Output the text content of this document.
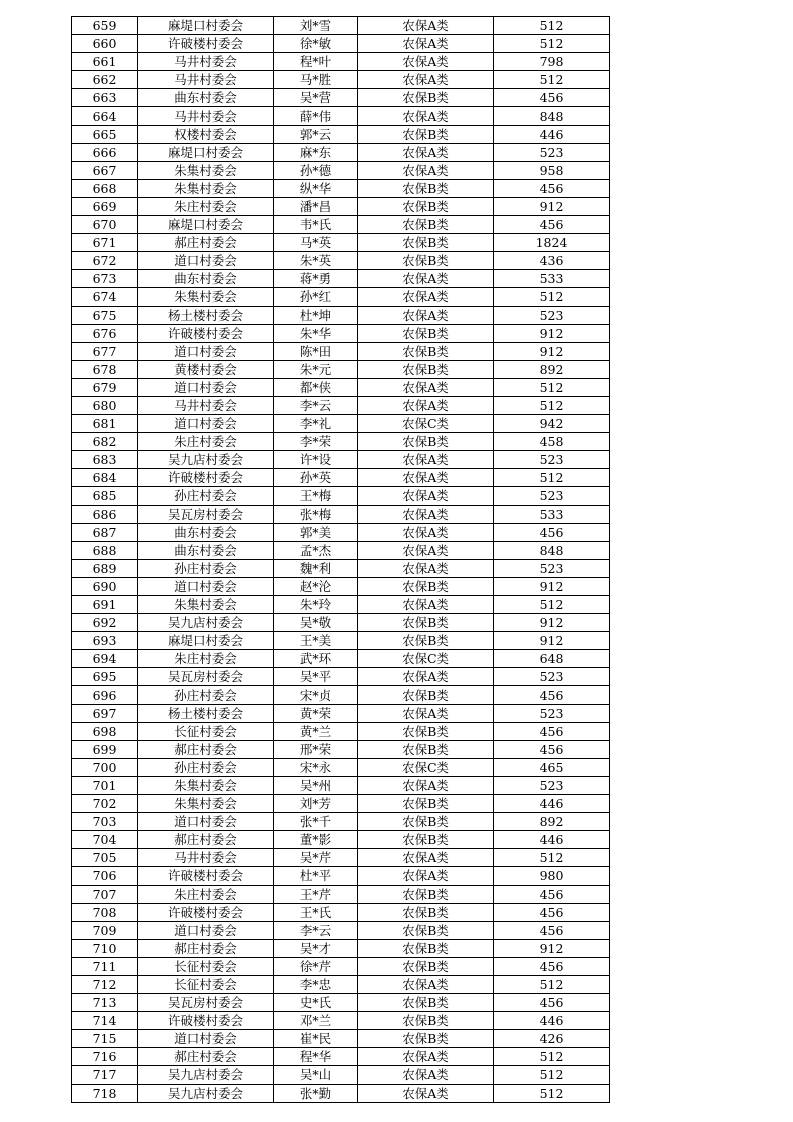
659	麻堤口村委会	刘*雪	农保A类	512
660	许破楼村委会	徐*敏	农保A类	512
661	马井村委会	程*叶	农保A类	798
662	马井村委会	马*胜	农保A类	512
663	曲东村委会	吴*营	农保B类	456
664	马井村委会	薛*伟	农保A类	848
665	权楼村委会	郭*云	农保B类	446
666	麻堤口村委会	麻*东	农保A类	523
667	朱集村委会	孙*德	农保A类	958
668	朱集村委会	纵*华	农保B类	456
669	朱庄村委会	潘*昌	农保B类	912
670	麻堤口村委会	韦*氏	农保B类	456
671	郝庄村委会	马*英	农保B类	1824
672	道口村委会	朱*英	农保B类	436
673	曲东村委会	蒋*勇	农保A类	533
674	朱集村委会	孙*红	农保A类	512
675	杨土楼村委会	杜*坤	农保A类	523
676	许破楼村委会	朱*华	农保B类	912
677	道口村委会	陈*田	农保B类	912
678	黄楼村委会	朱*元	农保B类	892
679	道口村委会	都*侠	农保A类	512
680	马井村委会	李*云	农保A类	512
681	道口村委会	李*礼	农保C类	942
682	朱庄村委会	李*荣	农保B类	458
683	吴九店村委会	许*设	农保A类	523
684	许破楼村委会	孙*英	农保A类	512
685	孙庄村委会	王*梅	农保A类	523
686	吴瓦房村委会	张*梅	农保A类	533
687	曲东村委会	郭*美	农保A类	456
688	曲东村委会	孟*杰	农保A类	848
689	孙庄村委会	魏*利	农保A类	523
690	道口村委会	赵*沦	农保B类	912
691	朱集村委会	朱*玲	农保A类	512
692	吴九店村委会	吴*敬	农保B类	912
693	麻堤口村委会	王*美	农保B类	912
694	朱庄村委会	武*环	农保C类	648
695	吴瓦房村委会	吴*平	农保A类	523
696	孙庄村委会	宋*贞	农保B类	456
697	杨土楼村委会	黄*荣	农保A类	523
698	长征村委会	黄*兰	农保B类	456
699	郝庄村委会	邢*荣	农保B类	456
700	孙庄村委会	宋*永	农保C类	465
701	朱集村委会	吴*州	农保A类	523
702	朱集村委会	刘*芳	农保B类	446
703	道口村委会	张*千	农保B类	892
704	郝庄村委会	董*影	农保B类	446
705	马井村委会	吴*芹	农保A类	512
706	许破楼村委会	杜*平	农保A类	980
707	朱庄村委会	王*芹	农保B类	456
708	许破楼村委会	王*氏	农保B类	456
709	道口村委会	李*云	农保B类	456
710	郝庄村委会	吴*才	农保B类	912
711	长征村委会	徐*芹	农保B类	456
712	长征村委会	李*忠	农保A类	512
713	吴瓦房村委会	史*氏	农保B类	456
714	许破楼村委会	邓*兰	农保B类	446
715	道口村委会	崔*民	农保B类	426
716	郝庄村委会	程*华	农保A类	512
717	吴九店村委会	吴*山	农保A类	512
718	吴九店村委会	张*勤	农保A类	512
